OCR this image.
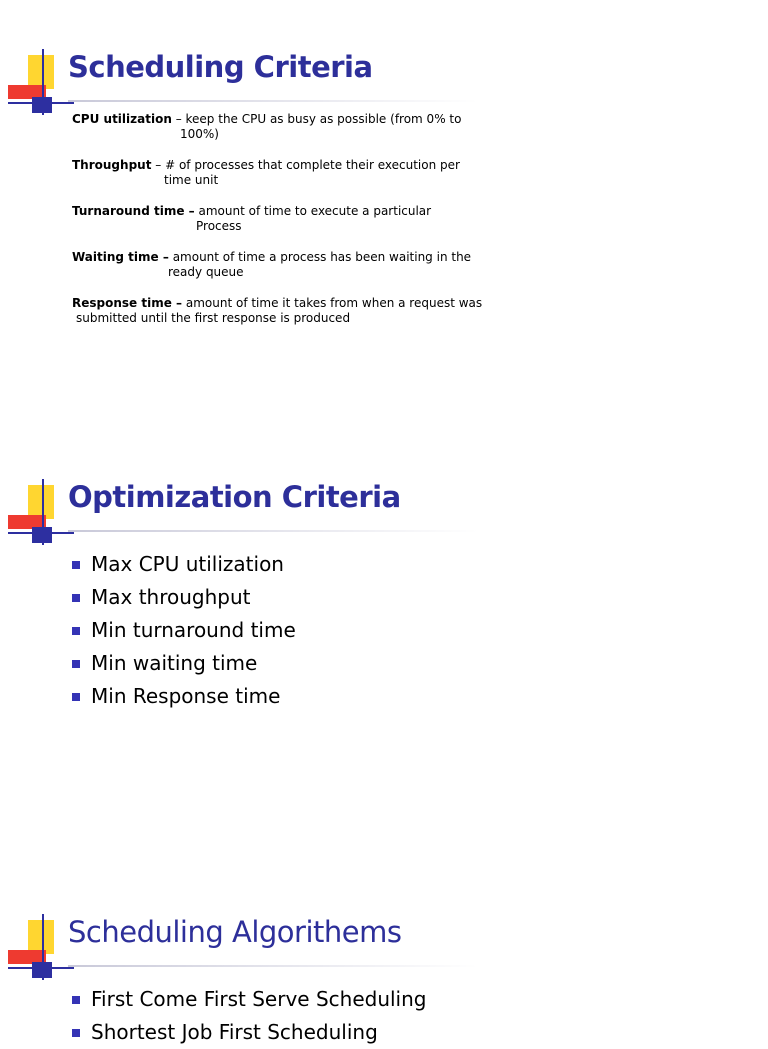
Scheduling Criteria
CPU utilization – keep the CPU as busy as possible (from 0% to
100%)
Throughput – # of processes that complete their execution per
time unit
Turnaround time – amount of time to execute a particular
Process
Waiting time – amount of time a process has been waiting in the
ready queue
Response time – amount of time it takes from when a request was
submitted until the first response is produced
Optimization Criteria
Max CPU utilization
Max throughput
Min turnaround time
Min waiting time
Min Response time
Scheduling Algorithems
First Come First Serve Scheduling
Shortest Job First Scheduling
